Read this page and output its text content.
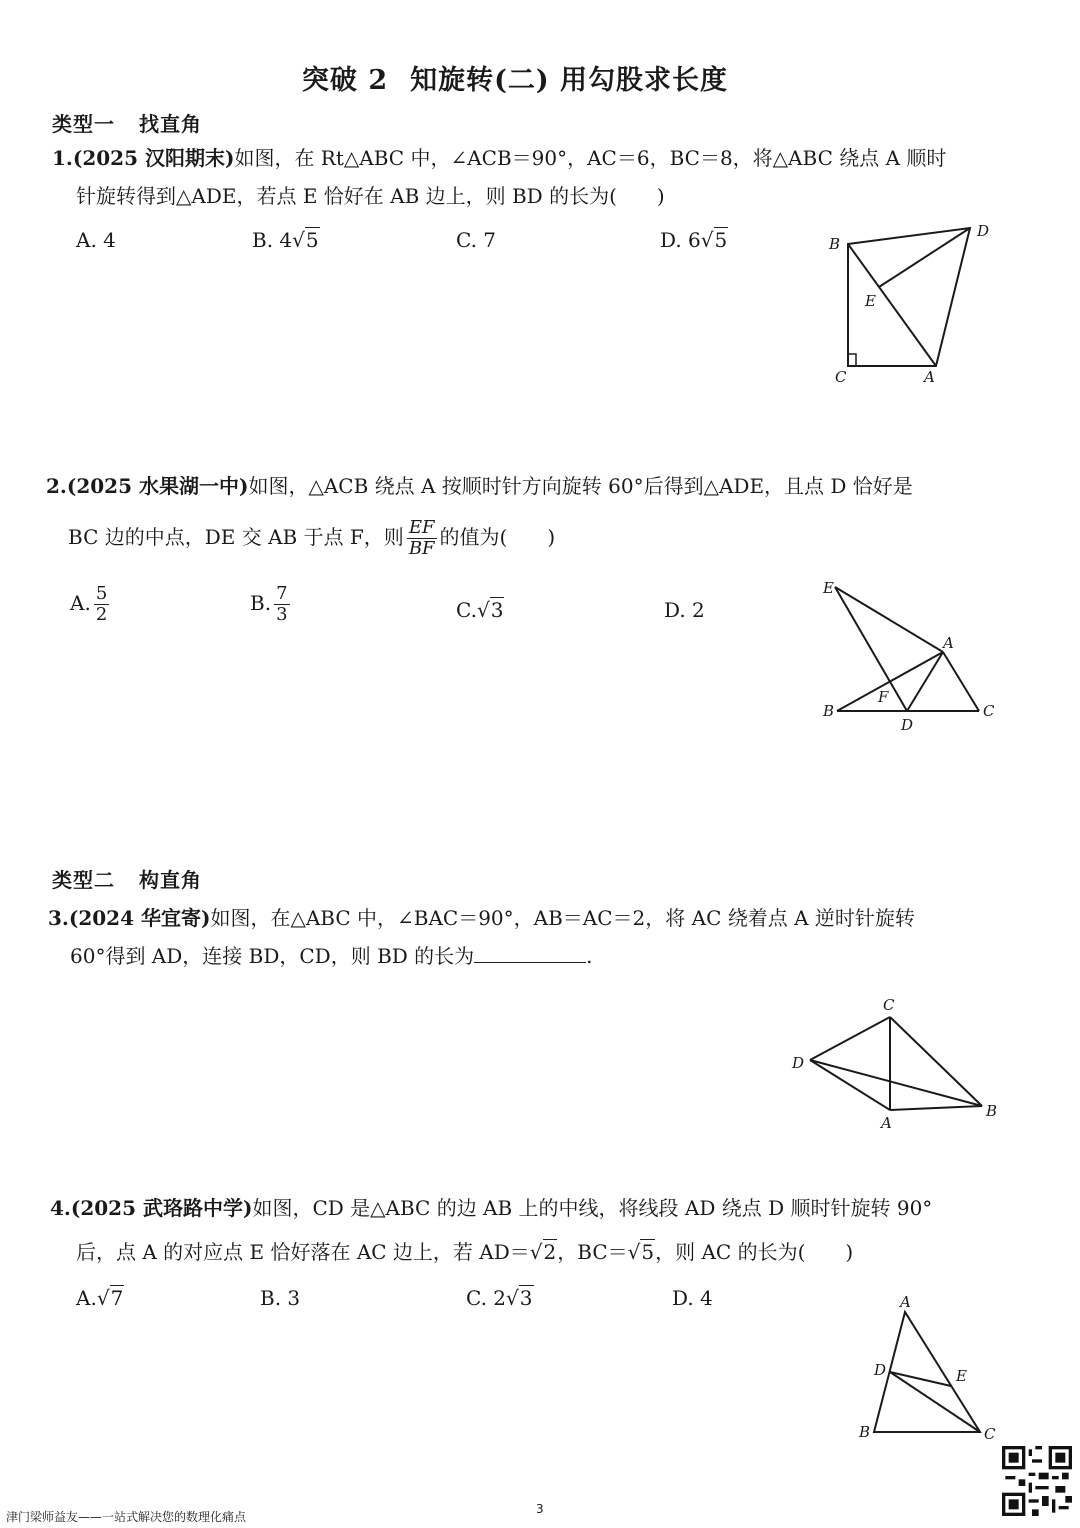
突破 2 知旋转(二) 用勾股求长度
类型一 找直角
1.(2025 汉阳期末)如图，在 Rt△ABC 中，∠ACB＝90°，AC＝6，BC＝8，将△ABC 绕点 A 顺时
针旋转得到△ADE，若点 E 恰好在 AB 边上，则 BD 的长为(　　)
A. 4	B. 4√5	C. 7	D. 6√5	B
D
E
C	A
2.(2025 水果湖一中)如图，△ACB 绕点 A 按顺时针方向旋转 60°后得到△ADE，且点 D 恰好是
BC 边的中点，DE 交 AB 于点 F，则 $\frac{EF}{BF}$ 的值为(　　)
A. $\frac{5}{2}$	B. $\frac{7}{3}$	C.√3	D. 2
E
A
F
B
D
C
类型二 构直角
3.(2024 华宜寄)如图，在△ABC 中，∠BAC＝90°，AB＝AC＝2，将 AC 绕着点 A 逆时针旋转
60°得到 AD，连接 BD，CD，则 BD 的长为	.
C
D
A
B
4.(2025 武珞路中学)如图，CD 是△ABC 的边 AB 上的中线，将线段 AD 绕点 D 顺时针旋转 90°
后，点 A 的对应点 E 恰好落在 AC 边上，若 AD＝√2，BC＝√5，则 AC 的长为(　　)
A.√7	B. 3	C. 2√3	D. 4	A
D	E
B	C
3
津门梁师益友——一站式解决您的数理化痛点
